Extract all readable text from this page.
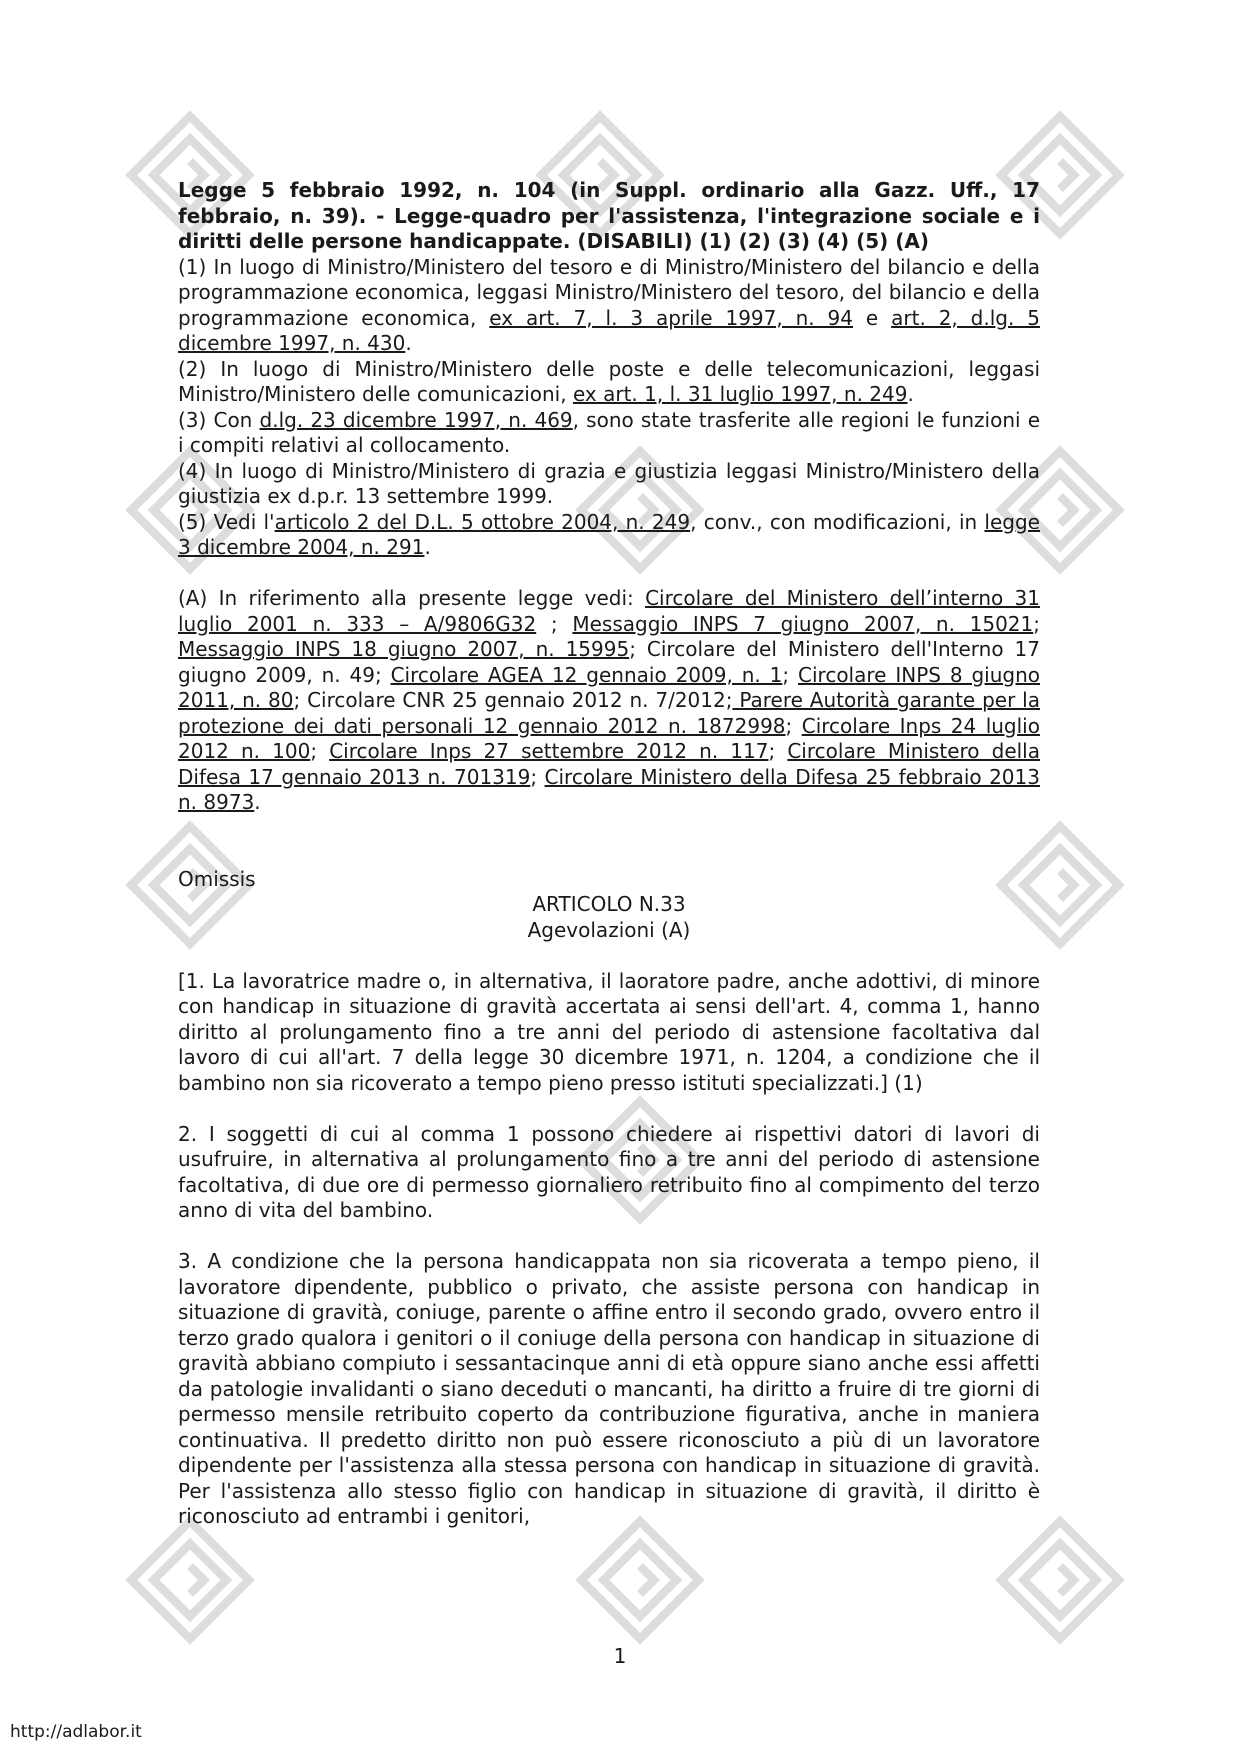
Legge 5 febbraio 1992, n. 104 (in Suppl. ordinario alla Gazz. Uff., 17 febbraio, n. 39). - Legge-quadro per l'assistenza, l'integrazione sociale e i diritti delle persone handicappate. (DISABILI) (1) (2) (3) (4) (5) (A)

(1) In luogo di Ministro/Ministero del tesoro e di Ministro/Ministero del bilancio e della programmazione economica, leggasi Ministro/Ministero del tesoro, del bilancio e della programmazione economica, ex art. 7, l. 3 aprile 1997, n. 94 e art. 2, d.lg. 5 dicembre 1997, n. 430.

(2) In luogo di Ministro/Ministero delle poste e delle telecomunicazioni, leggasi Ministro/Ministero delle comunicazioni, ex art. 1, l. 31 luglio 1997, n. 249.

(3) Con d.lg. 23 dicembre 1997, n. 469, sono state trasferite alle regioni le funzioni e i compiti relativi al collocamento.

(4) In luogo di Ministro/Ministero di grazia e giustizia leggasi Ministro/Ministero della giustizia ex d.p.r. 13 settembre 1999.

(5) Vedi l'articolo 2 del D.L. 5 ottobre 2004, n. 249, conv., con modificazioni, in legge 3 dicembre 2004, n. 291.

(A) In riferimento alla presente legge vedi: Circolare del Ministero dell’interno 31 luglio 2001 n. 333 – A/9806G32 ; Messaggio INPS 7 giugno 2007, n. 15021; Messaggio INPS 18 giugno 2007, n. 15995; Circolare del Ministero dell'Interno 17 giugno 2009, n. 49; Circolare AGEA 12 gennaio 2009, n. 1; Circolare INPS 8 giugno 2011, n. 80; Circolare CNR 25 gennaio 2012 n. 7/2012; Parere Autorità garante per la protezione dei dati personali 12 gennaio 2012 n. 1872998; Circolare Inps 24 luglio 2012 n. 100; Circolare Inps 27 settembre 2012 n. 117; Circolare Ministero della Difesa 17 gennaio 2013 n. 701319; Circolare Ministero della Difesa 25 febbraio 2013 n. 8973.

Omissis

ARTICOLO N.33

Agevolazioni (A)

[1. La lavoratrice madre o, in alternativa, il laoratore padre, anche adottivi, di minore con handicap in situazione di gravità accertata ai sensi dell'art. 4, comma 1, hanno diritto al prolungamento fino a tre anni del periodo di astensione facoltativa dal lavoro di cui all'art. 7 della legge 30 dicembre 1971, n. 1204, a condizione che il bambino non sia ricoverato a tempo pieno presso istituti specializzati.] (1)

2. I soggetti di cui al comma 1 possono chiedere ai rispettivi datori di lavori di usufruire, in alternativa al prolungamento fino a tre anni del periodo di astensione facoltativa, di due ore di permesso giornaliero retribuito fino al compimento del terzo anno di vita del bambino.

3. A condizione che la persona handicappata non sia ricoverata a tempo pieno, il lavoratore dipendente, pubblico o privato, che assiste persona con handicap in situazione di gravità, coniuge, parente o affine entro il secondo grado, ovvero entro il terzo grado qualora i genitori o il coniuge della persona con handicap in situazione di gravità abbiano compiuto i sessantacinque anni di età oppure siano anche essi affetti da patologie invalidanti o siano deceduti o mancanti, ha diritto a fruire di tre giorni di permesso mensile retribuito coperto da contribuzione figurativa, anche in maniera continuativa. Il predetto diritto non può essere riconosciuto a più di un lavoratore dipendente per l'assistenza alla stessa persona con handicap in situazione di gravità. Per l'assistenza allo stesso figlio con handicap in situazione di gravità, il diritto è riconosciuto ad entrambi i genitori,

1
http://adlabor.it
